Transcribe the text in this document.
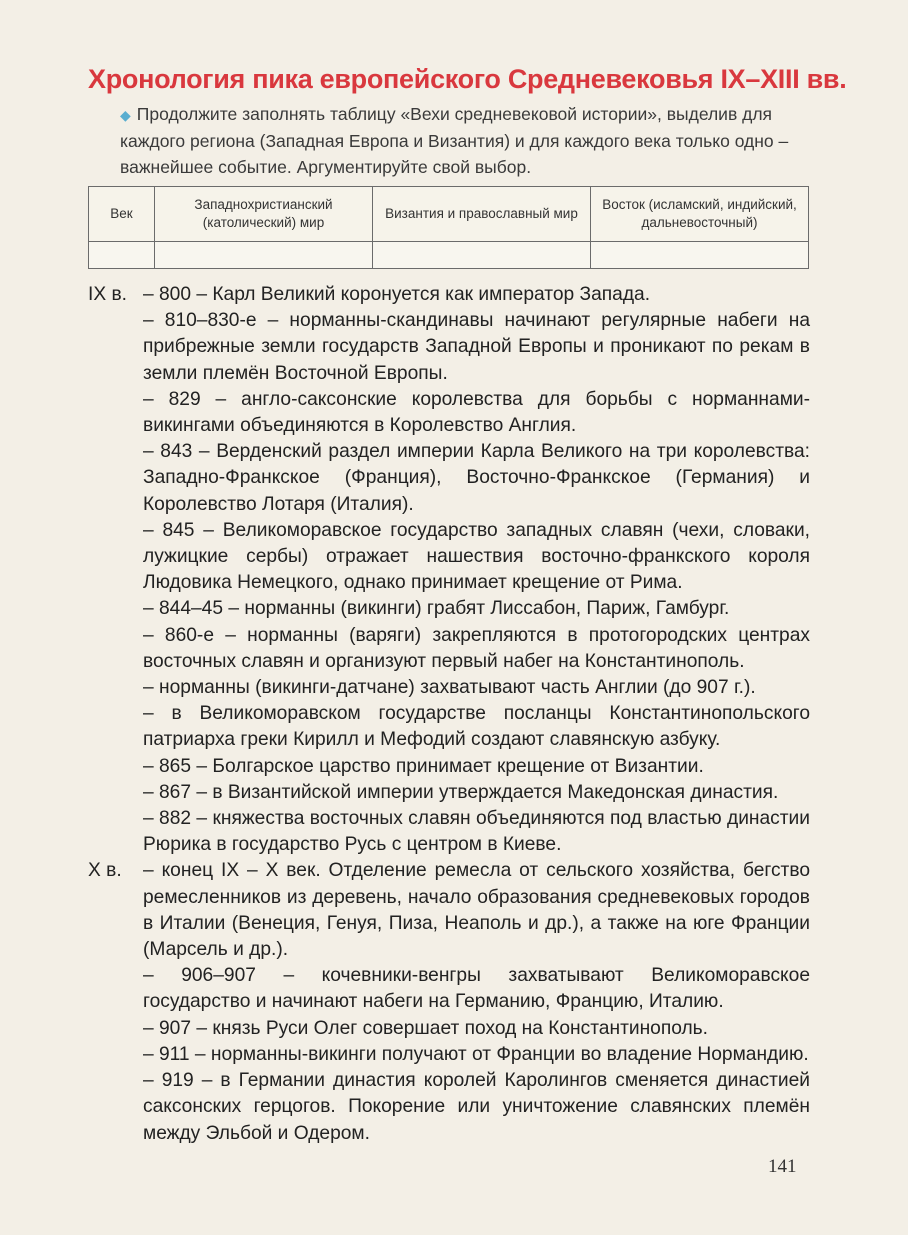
Хронология пика европейского Средневековья IX–XIII вв.
◆ Продолжите заполнять таблицу «Вехи средневековой истории», выделив для каждого региона (Западная Европа и Византия) и для каждого века только одно – важнейшее событие. Аргументируйте свой выбор.
Век	Западнохристианский (католический) мир	Византия и православный мир	Восток (исламский, индийский, дальневосточный)

IX в. – 800 – Карл Великий коронуется как император Запада.
– 810–830-е – норманны-скандинавы начинают регулярные набеги на прибрежные земли государств Западной Европы и проникают по рекам в земли племён Восточной Европы.
– 829 – англо-саксонские королевства для борьбы с норманнами-викингами объединяются в Королевство Англия.
– 843 – Верденский раздел империи Карла Великого на три королевства: Западно-Франкское (Франция), Восточно-Франкское (Германия) и Королевство Лотаря (Италия).
– 845 – Великоморавское государство западных славян (чехи, словаки, лужицкие сербы) отражает нашествия восточно-франкского короля Людовика Немецкого, однако принимает крещение от Рима.
– 844–45 – норманны (викинги) грабят Лиссабон, Париж, Гамбург.
– 860-е – норманны (варяги) закрепляются в протогородских центрах восточных славян и организуют первый набег на Константинополь.
– норманны (викинги-датчане) захватывают часть Англии (до 907 г.).
– в Великоморавском государстве посланцы Константинопольского патриарха греки Кирилл и Мефодий создают славянскую азбуку.
– 865 – Болгарское царство принимает крещение от Византии.
– 867 – в Византийской империи утверждается Македонская династия.
– 882 – княжества восточных славян объединяются под властью династии Рюрика в государство Русь с центром в Киеве.
X в.	– конец IX – X век. Отделение ремесла от сельского хозяйства, бегство ремесленников из деревень, начало образования средневековых городов в Италии (Венеция, Генуя, Пиза, Неаполь и др.), а также на юге Франции (Марсель и др.).
– 906–907 – кочевники-венгры захватывают Великоморавское государство и начинают набеги на Германию, Францию, Италию.
– 907 – князь Руси Олег совершает поход на Константинополь.
– 911 – норманны-викинги получают от Франции во владение Нормандию.
– 919 – в Германии династия королей Каролингов сменяется династией саксонских герцогов. Покорение или уничтожение славянских племён между Эльбой и Одером.
141
